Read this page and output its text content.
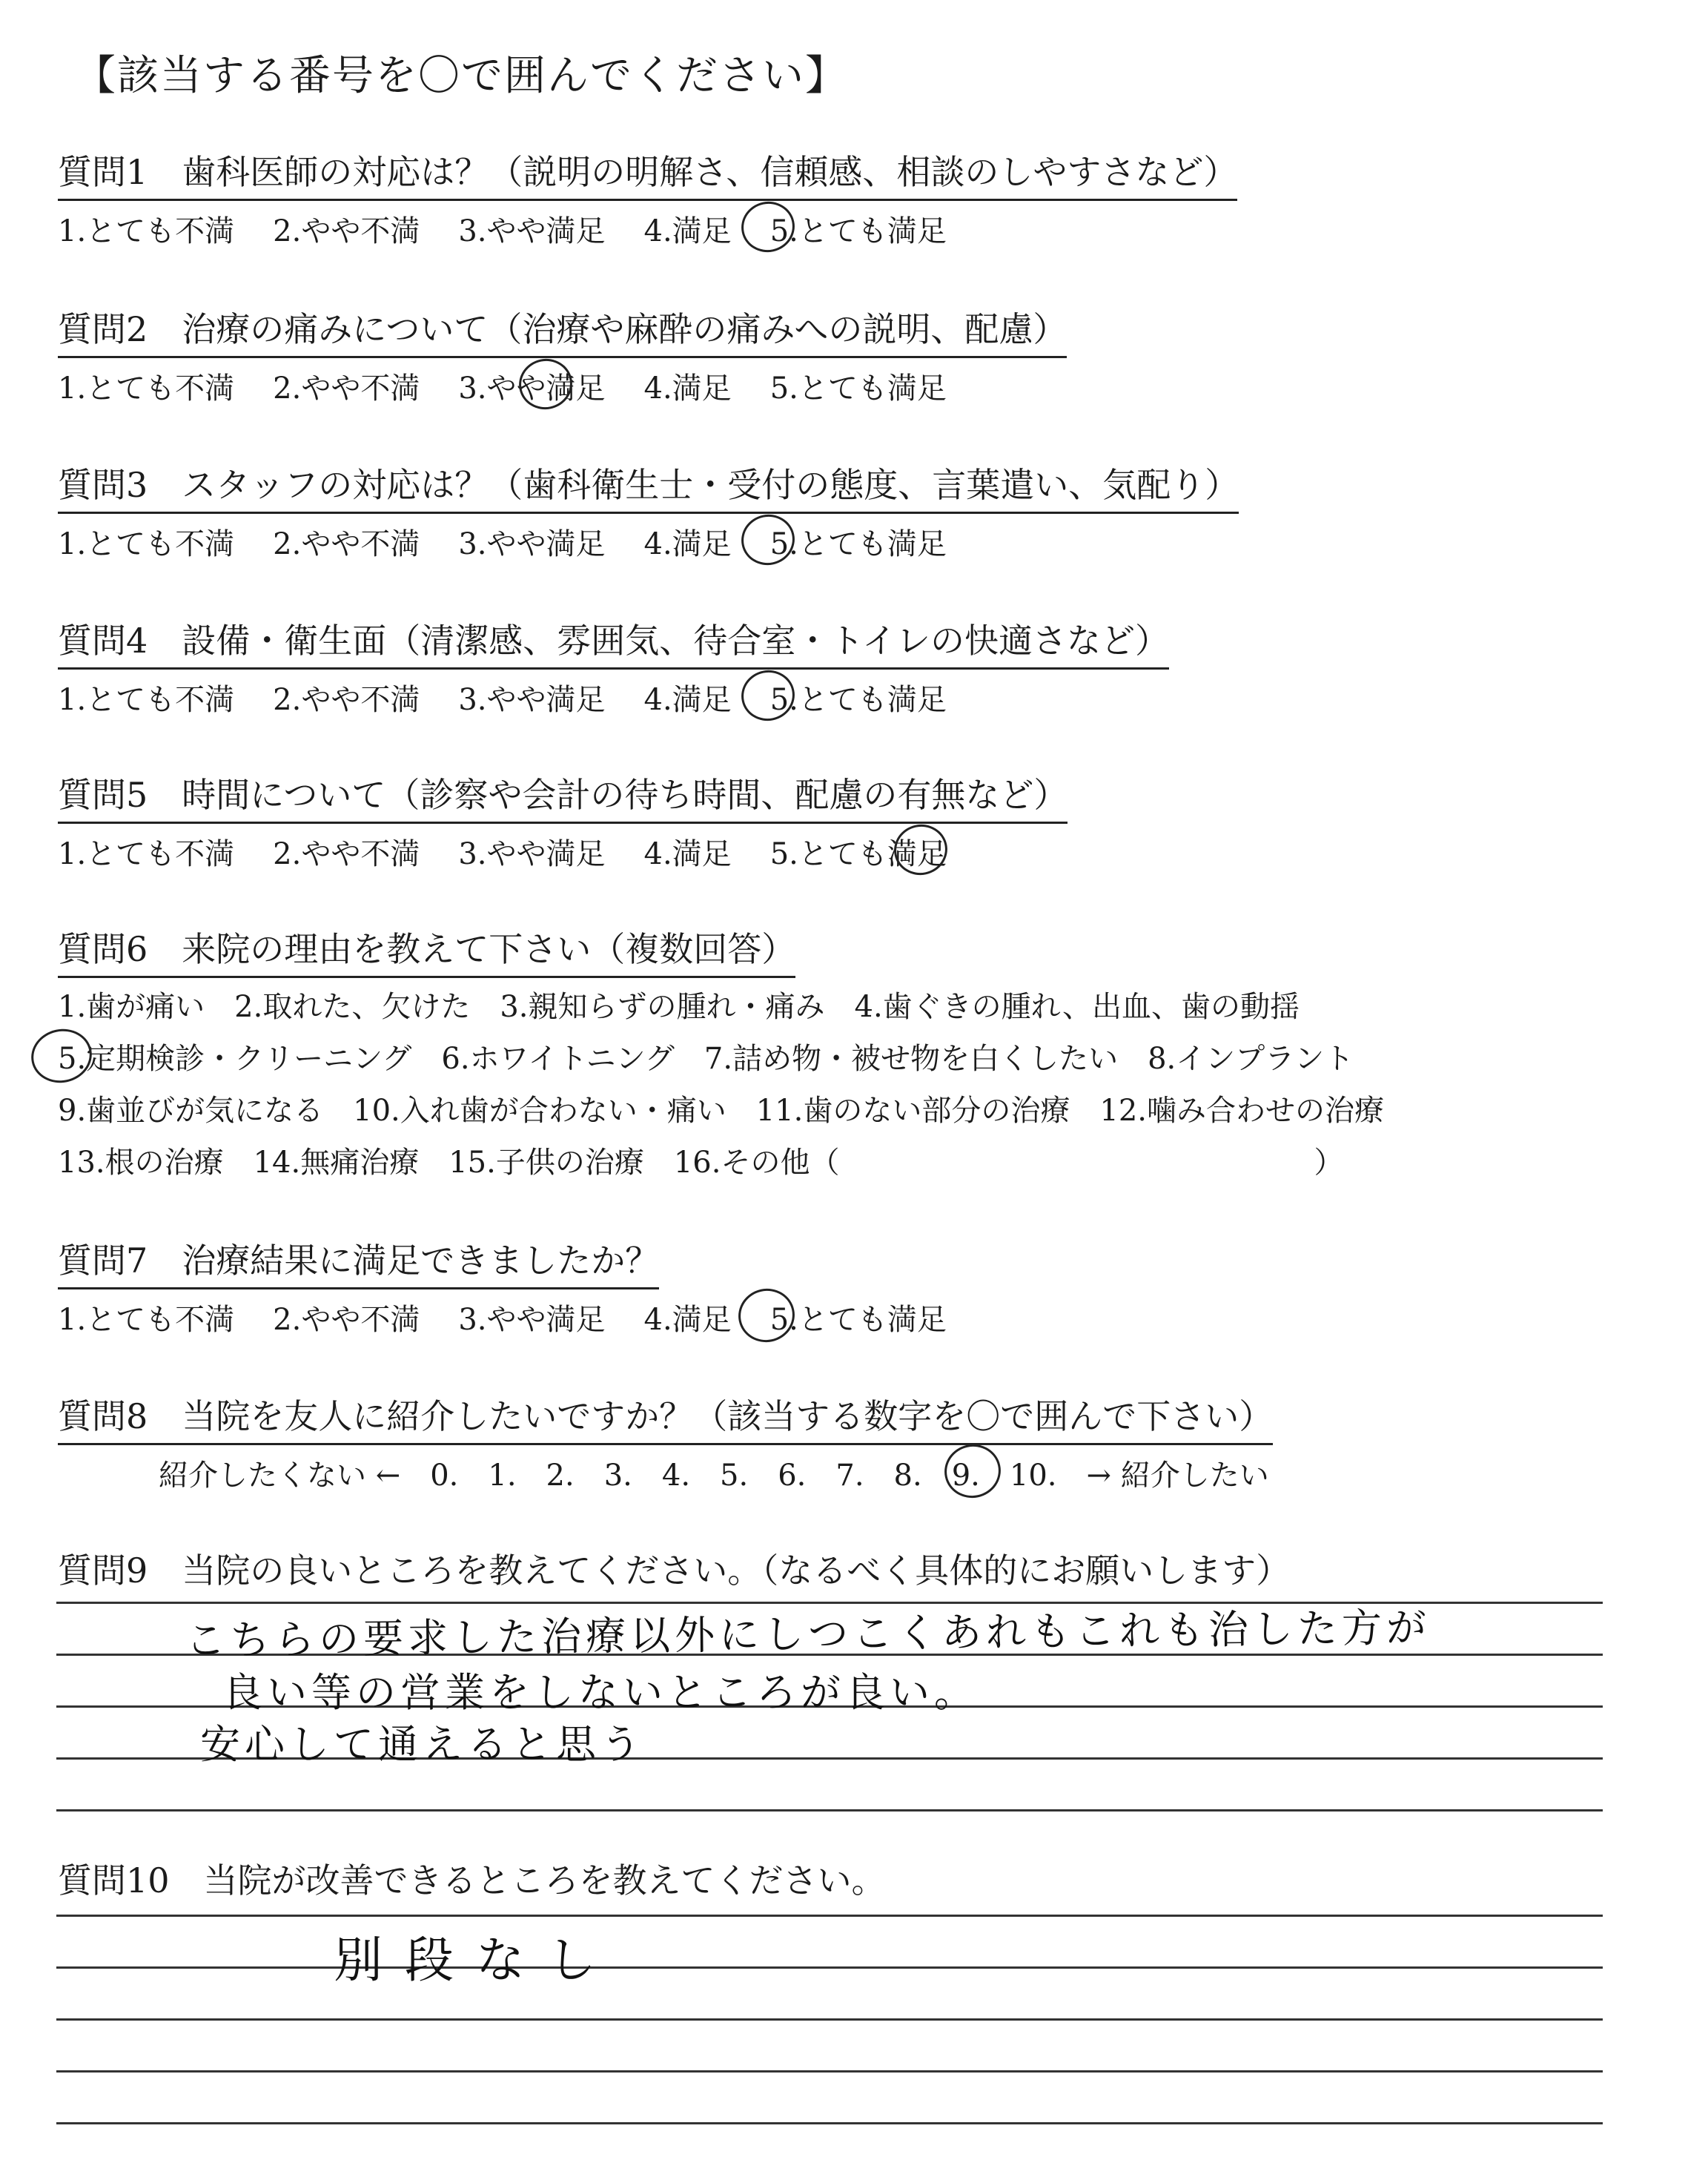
【該当する番号を〇で囲んでください】
質問1　歯科医師の対応は？（説明の明解さ、信頼感、相談のしやすさなど）
1.とても不満 2.やや不満 3.やや満足 4.満足 5.とても満足
質問2　治療の痛みについて（治療や麻酔の痛みへの説明、配慮）
1.とても不満 2.やや不満 3.やや満足 4.満足 5.とても満足
質問3　スタッフの対応は？（歯科衛生士・受付の態度、言葉遣い、気配り）
1.とても不満 2.やや不満 3.やや満足 4.満足 5.とても満足
質問4　設備・衛生面（清潔感、雰囲気、待合室・トイレの快適さなど）
1.とても不満 2.やや不満 3.やや満足 4.満足 5.とても満足
質問5　時間について（診察や会計の待ち時間、配慮の有無など）
1.とても不満 2.やや不満 3.やや満足 4.満足 5.とても満足
質問6　来院の理由を教えて下さい（複数回答）
1.歯が痛い　2.取れた、欠けた　3.親知らずの腫れ・痛み　4.歯ぐきの腫れ、出血、歯の動揺
5.定期検診・クリーニング　6.ホワイトニング　7.詰め物・被せ物を白くしたい　8.インプラント
9.歯並びが気になる　10.入れ歯が合わない・痛い　11.歯のない部分の治療　12.噛み合わせの治療
13.根の治療　14.無痛治療　15.子供の治療　16.その他（　　　　　　　　　　　　　　　　）
質問7　治療結果に満足できましたか？
1.とても不満 2.やや不満 3.やや満足 4.満足 5.とても満足
質問8　当院を友人に紹介したいですか？（該当する数字を〇で囲んで下さい）
紹介したくない ←　0.　1.　2.　3.　4.　5.　6.　7.　8.　9.　10.　→ 紹介したい
質問9　当院の良いところを教えてください。（なるべく具体的にお願いします）
こちらの要求した治療以外にしつこくあれもこれも治した方が
良い等の営業をしないところが良い。
安心して通えると思う
質問10　当院が改善できるところを教えてください。
別段なし
